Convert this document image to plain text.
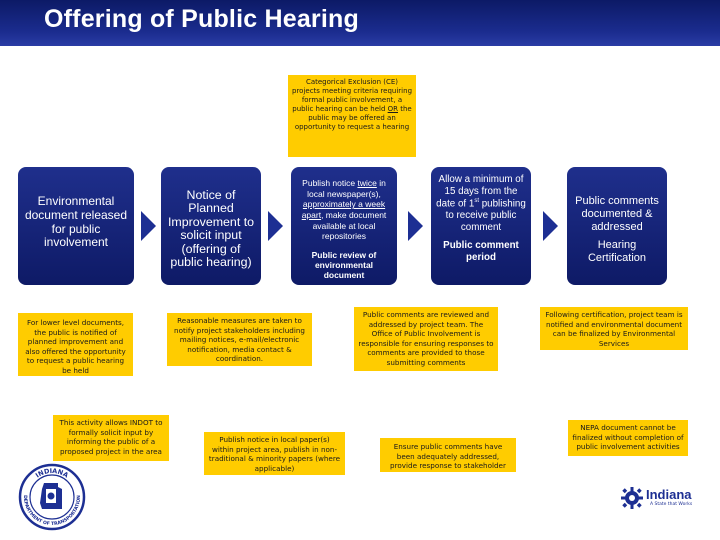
Offering of Public Hearing
Categorical Exclusion (CE) projects meeting criteria requiring formal public involvement, a public hearing can be held OR the public may be offered an opportunity to request a hearing
Environmental document released for public involvement
Notice of Planned Improvement to solicit input (offering of public hearing)
Publish notice twice in local newspaper(s), approximately a week apart, make document available at local repositories
Public review of environmental document
Allow a minimum of 15 days from the date of 1st publishing to receive public comment
Public comment period
Public comments documented & addressed
Hearing Certification
For lower level documents, the public is notified of planned improvement and also offered the opportunity to request a public hearing be held
Reasonable measures are taken to notify project stakeholders including mailing notices, e-mail/electronic notification, media contact & coordination.
Public comments are reviewed and addressed by project team. The Office of Public Involvement is responsible for ensuring responses to comments are provided to those submitting comments
Following certification, project team is notified and environmental document can be finalized by Environmental Services
This activity allows INDOT to formally solicit input by informing the public of a proposed project in the area
Publish notice in local paper(s) within project area, publish in non-traditional & minority papers (where applicable)
Ensure public comments have been adequately addressed, provide response to stakeholder
NEPA document cannot be finalized without completion of public involvement activities
INDIANA
DEPARTMENT OF TRANSPORTATION	Indiana
A State that Works
